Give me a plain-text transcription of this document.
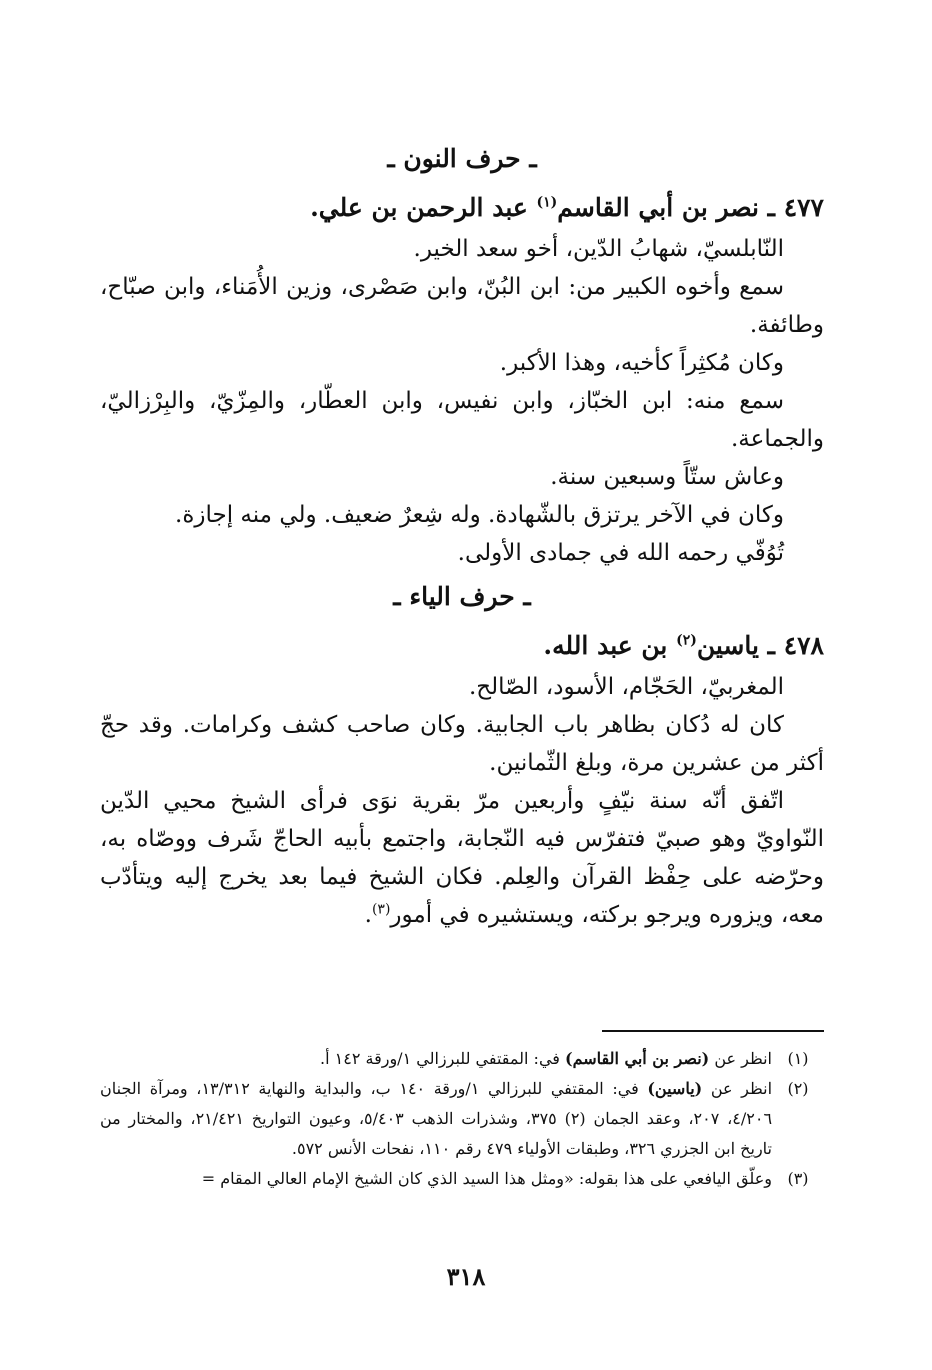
ـ حرف النون ـ

٤٧٧ ـ نصر بن أبي القاسم$^{(١)}$ عبد الرحمن بن علي.

النّابلسيّ، شهابُ الدّين، أخو سعد الخير.

سمع وأخوه الكبير من: ابن البُنّ، وابن صَصْرى، وزين الأُمَناء، وابن صبّاح، وطائفة.

وكان مُكثِراً كأخيه، وهذا الأكبر.

سمع منه: ابن الخبّاز، وابن نفيس، وابن العطّار، والمِزّيّ، والبِرْزاليّ، والجماعة.

وعاش ستّاً وسبعين سنة.

وكان في الآخر يرتزق بالشّهادة. وله شِعرٌ ضعيف. ولي منه إجازة.

تُوُفّي رحمه الله في جمادى الأولى.

ـ حرف الياء ـ

٤٧٨ ـ ياسين$^{(٢)}$ بن عبد الله.

المغربيّ، الحَجّام، الأسود، الصّالح.

كان له دُكان بظاهر باب الجابية. وكان صاحب كشف وكرامات. وقد حجّ أكثر من عشرين مرة، وبلغ الثّمانين.

اتّفق أنّه سنة نيّفٍ وأربعين مرّ بقرية نوَى فرأى الشيخ محيي الدّين النّواويّ وهو صبيّ فتفرّس فيه النّجابة، واجتمع بأبيه الحاجّ شَرف ووصّاه به، وحرّضه على حِفْظ القرآن والعِلم. فكان الشيخ فيما بعد يخرج إليه ويتأدّب معه، ويزوره ويرجو بركته، ويستشيره في أمور$^{(٣)}$.

(١)
انظر عن (نصر بن أبي القاسم) في: المقتفي للبرزالي ١/ورقة ١٤٢ أ.

(٢)
انظر عن (ياسين) في: المقتفي للبرزالي ١/ورقة ١٤٠ ب، والبداية والنهاية ١٣/٣١٢، ومرآة الجنان ٤/٢٠٦، ٢٠٧، وعقد الجمان (٢) ٣٧٥، وشذرات الذهب ٥/٤٠٣، وعيون التواريخ ٢١/٤٢١، والمختار من تاريخ ابن الجزري ٣٢٦، وطبقات الأولياء ٤٧٩ رقم ١١٠، نفحات الأنس ٥٧٢.

(٣)
وعلّق اليافعي على هذا بقوله: «ومثل هذا السيد الذي كان الشيخ الإمام العالي المقام =

٣١٨
